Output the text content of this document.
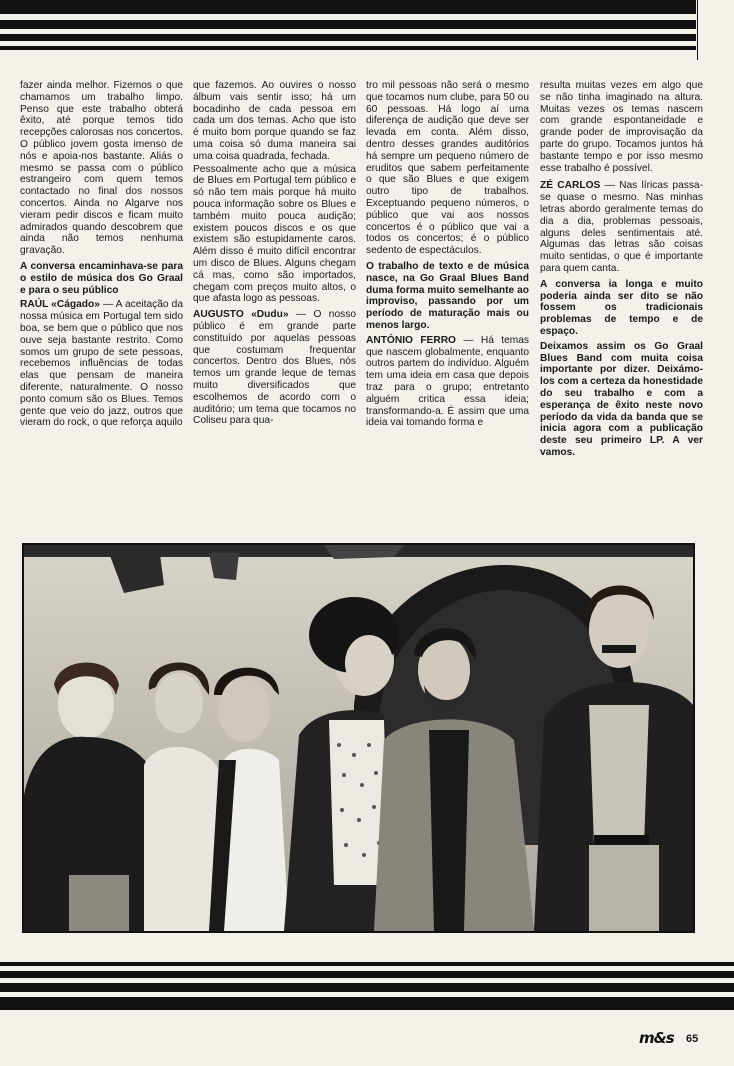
fazer ainda melhor. Fizemos o que chamamos um trabalho limpo. Penso que este trabalho obterá êxito, até porque temos tido recepções calorosas nos concertos. O público jovem gosta imenso de nós e apoia-nos bastante. Aliás o mesmo se passa com o público estrangeiro com quem temos contactado no final dos nossos concertos. Ainda no Algarve nos vieram pedir discos e ficam muito admirados quando descobrem que ainda não temos nenhuma gravação.

A conversa encaminhava-se para o estilo de música dos Go Graal e para o seu público

RAÚL «Cágado» — A aceitação da nossa música em Portugal tem sido boa, se bem que o público que nos ouve seja bastante restrito. Como somos um grupo de sete pessoas, recebemos influências de todas elas que pensam de maneira diferente, naturalmente. O nosso ponto comum são os Blues. Temos gente que veio do jazz, outros que vieram do rock, o que reforça aquilo

que fazemos. Ao ouvires o nosso álbum vais sentir isso; há um bocadinho de cada pessoa em cada um dos temas. Acho que isto é muito bom porque quando se faz uma coisa só duma maneira sai uma coisa quadrada, fechada.

Pessoalmente acho que a música de Blues em Portugal tem público e só não tem mais porque há muito pouca informação sobre os Blues e também muito pouca audição; existem poucos discos e os que existem são estupidamente caros. Além disso é muito difícil encontrar um disco de Blues. Alguns chegam cá mas, como são importados, chegam com preços muito altos, o que afasta logo as pessoas.

AUGUSTO «Dudu» — O nosso público é em grande parte constituído por aquelas pessoas que costumam frequentar concertos. Dentro dos Blues, nós temos um grande leque de temas muito diversificados que escolhemos de acordo com o auditório; um tema que tocamos no Coliseu para qua-

tro mil pessoas não será o mesmo que tocamos num clube, para 50 ou 60 pessoas. Há logo aí uma diferença de audição que deve ser levada em conta. Além disso, dentro desses grandes auditórios há sempre um pequeno número de eruditos que sabem perfeitamente o que são Blues e que exigem outro tipo de trabalhos. Exceptuando pequeno números, o público que vai aos nossos concertos é o público que vai a todos os concertos; é o público sedento de espectáculos.

O trabalho de texto e de música nasce, na Go Graal Blues Band duma forma muito semelhante ao improviso, passando por um período de maturação mais ou menos largo.

ANTÓNIO FERRO — Há temas que nascem globalmente, enquanto outros partem do indivíduo. Alguém tem uma ideia em casa que depois traz para o grupo; entretanto alguém critica essa ideia; transformando-a. É assim que uma ideia vai tomando forma e

resulta muitas vezes em algo que se não tinha imaginado na altura. Muitas vezes os temas nascem com grande espontaneidade e grande poder de improvisação da parte do grupo. Tocamos juntos há bastante tempo e por isso mesmo esse trabalho é possível.

ZÉ CARLOS — Nas líricas passa-se quase o mesmo. Nas minhas letras abordo geralmente temas do dia a dia, problemas pessoais, alguns deles sentimentais até. Algumas das letras são coisas muito sentidas, o que é importante para quem canta.

A conversa ia longa e muito poderia ainda ser dito se não fossem os tradicionais problemas de tempo e de espaço.

Deixamos assim os Go Graal Blues Band com muita coisa importante por dizer. Deixámo-los com a certeza da honestidade do seu trabalho e com a esperança de êxito neste novo período da vida da banda que se inicia agora com a publicação deste seu primeiro LP. A ver vamos.

m&s	65
